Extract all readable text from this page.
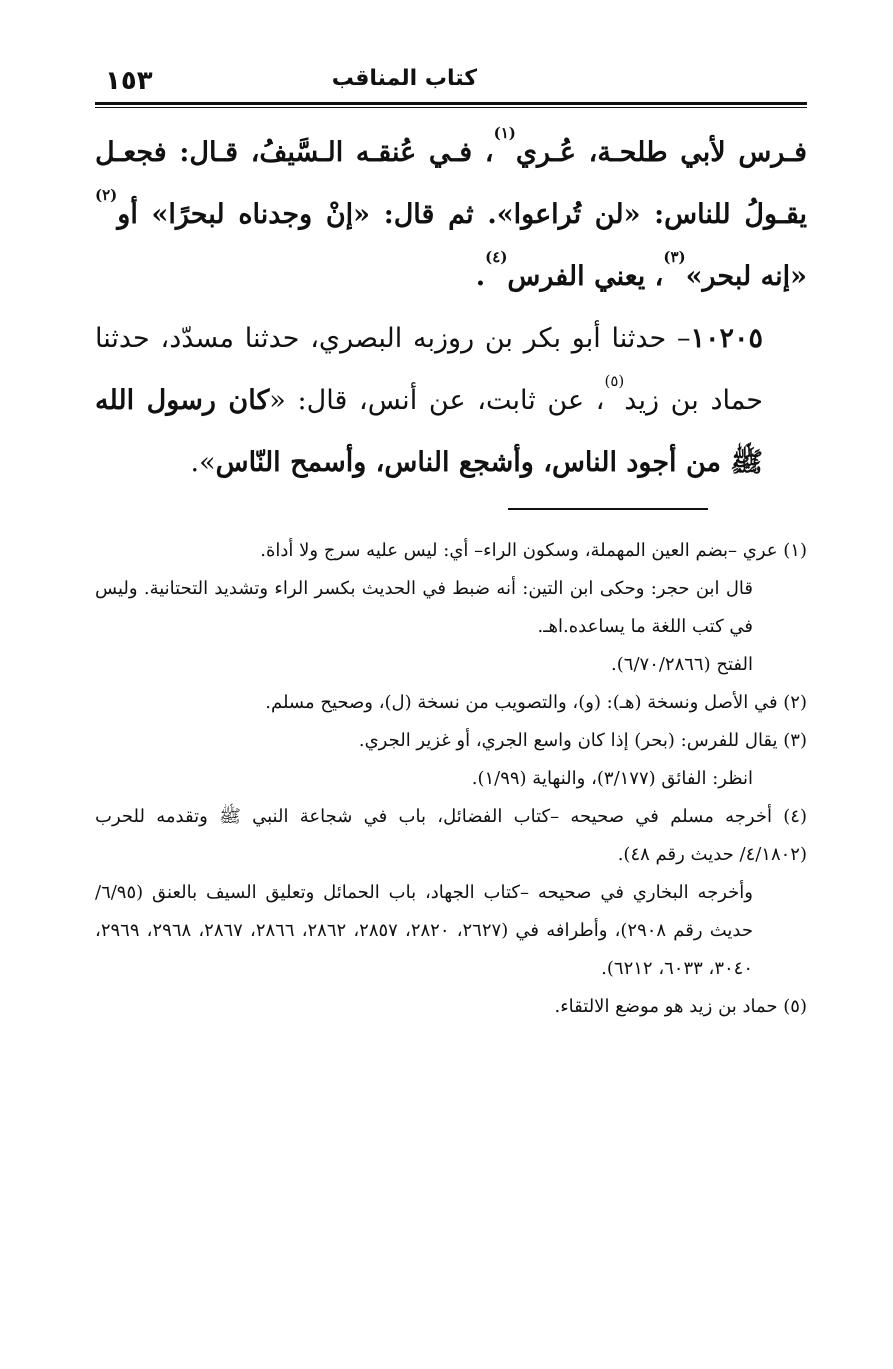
كتاب المناقب
١٥٣

فـرس لأبي طلحـة، عُـري$^{(١)}$، فـي عُنقـه الـسَّيفُ، قـال: فجعـل يقـولُ للناس: «لن تُراعوا». ثم قال: «إنْ وجدناه لبحرًا» أو$^{(٢)}$ «إنه لبحر»$^{(٣)}$، يعني الفرس$^{(٤)}$.

١٠٢٠٥– حدثنا أبو بكر بن روزبه البصري، حدثنا مسدّد، حدثنا حماد بن زيد$^{(٥)}$، عن ثابت، عن أنس، قال: «كان رسول الله ﷺ من أجود الناس، وأشجع الناس، وأسمح النّاس».

(١) عري –بضم العين المهملة، وسكون الراء– أي: ليس عليه سرج ولا أداة.

قال ابن حجر: وحكى ابن التين: أنه ضبط في الحديث بكسر الراء وتشديد التحتانية. وليس في كتب اللغة ما يساعده.اهـ.

الفتح (٦/٧٠/٢٨٦٦).

(٢) في الأصل ونسخة (هـ): (و)، والتصويب من نسخة (ل)، وصحيح مسلم.

(٣) يقال للفرس: (بحر) إذا كان واسع الجري، أو غزير الجري.

انظر: الفائق (٣/١٧٧)، والنهاية (١/٩٩).

(٤) أخرجه مسلم في صحيحه –كتاب الفضائل، باب في شجاعة النبي ﷺ وتقدمه للحرب (٤/١٨٠٢/ حديث رقم ٤٨).

وأخرجه البخاري في صحيحه –كتاب الجهاد، باب الحمائل وتعليق السيف بالعنق (٦/٩٥/ حديث رقم ٢٩٠٨)، وأطرافه في (٢٦٢٧، ٢٨٢٠، ٢٨٥٧، ٢٨٦٢، ٢٨٦٦، ٢٨٦٧، ٢٩٦٨، ٢٩٦٩، ٣٠٤٠، ٦٠٣٣، ٦٢١٢).

(٥) حماد بن زيد هو موضع الالتقاء.
